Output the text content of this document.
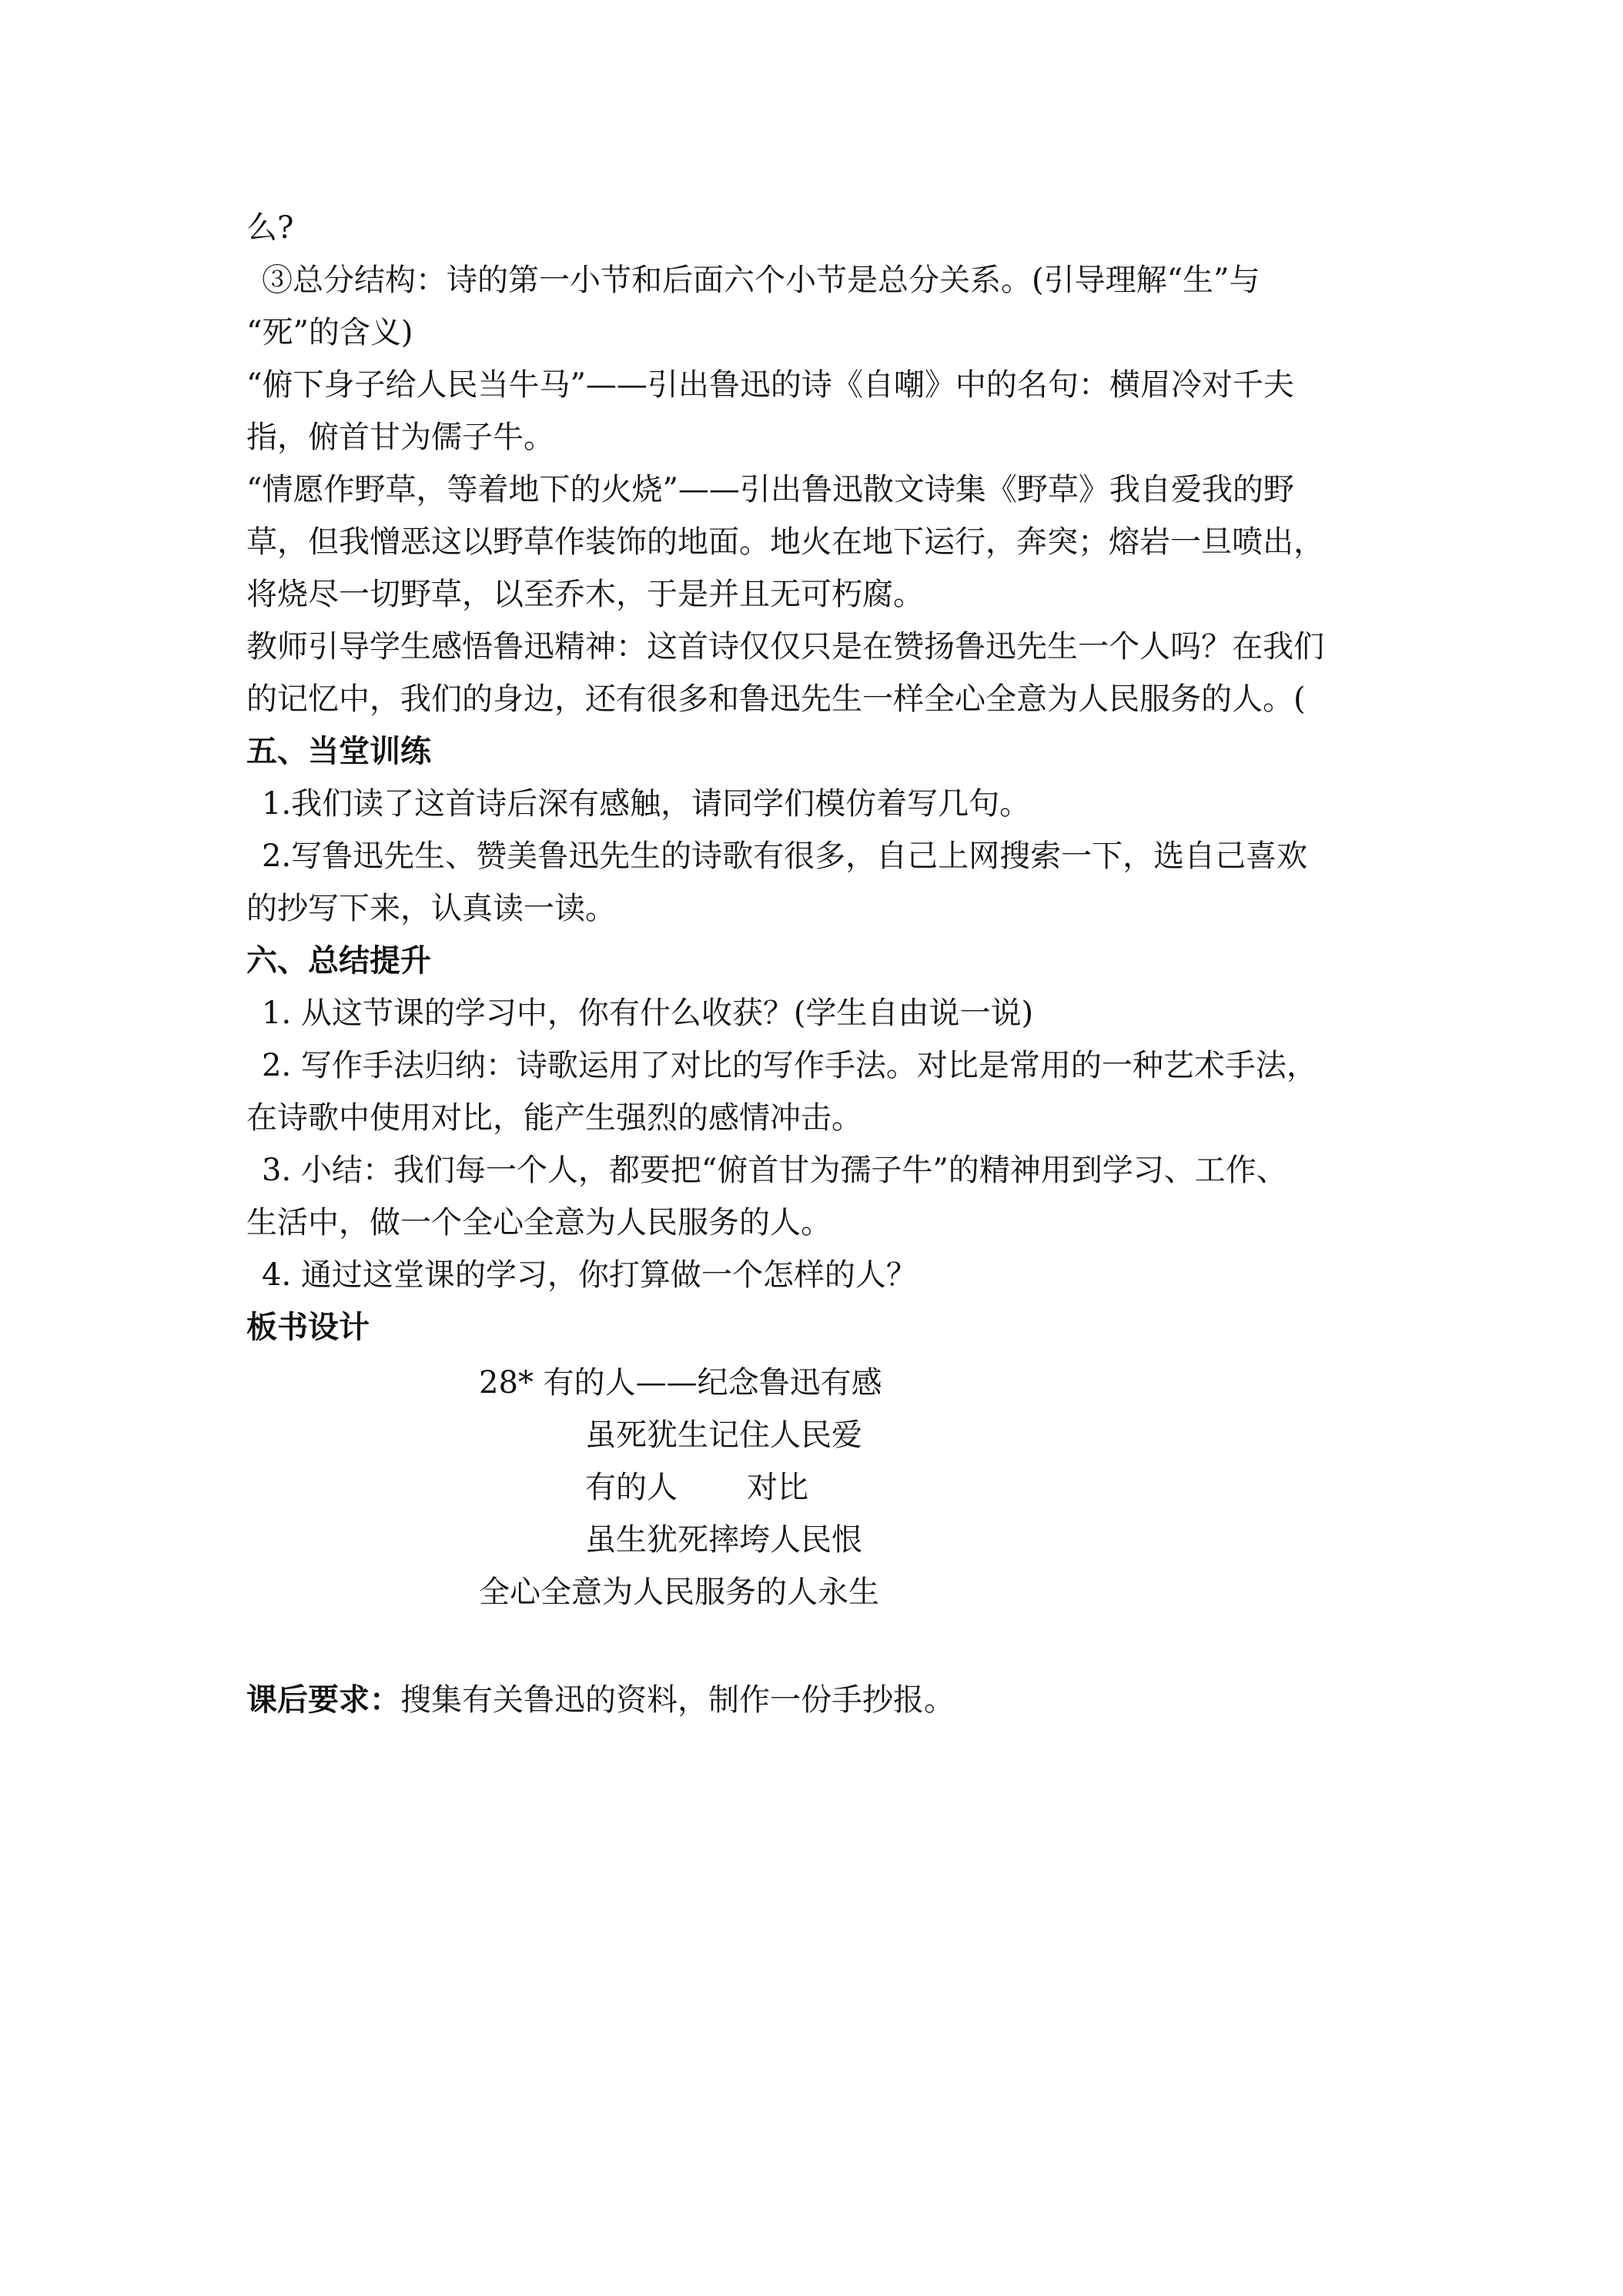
么?
③总分结构：诗的第一小节和后面六个小节是总分关系。(引导理解“生”与
“死”的含义)
“俯下身子给人民当牛马”——引出鲁迅的诗《自嘲》中的名句：横眉冷对千夫
指，俯首甘为儒子牛。
“情愿作野草，等着地下的火烧”——引出鲁迅散文诗集《野草》我自爱我的野
草，但我憎恶这以野草作装饰的地面。地火在地下运行，奔突；熔岩一旦喷出，
将烧尽一切野草，以至乔木，于是并且无可朽腐。
教师引导学生感悟鲁迅精神：这首诗仅仅只是在赞扬鲁迅先生一个人吗？在我们
的记忆中，我们的身边，还有很多和鲁迅先生一样全心全意为人民服务的人。(
五、当堂训练
1.我们读了这首诗后深有感触，请同学们模仿着写几句。
2.写鲁迅先生、赞美鲁迅先生的诗歌有很多，自己上网搜索一下，选自己喜欢
的抄写下来，认真读一读。
六、总结提升
1. 从这节课的学习中，你有什么收获？(学生自由说一说)
2. 写作手法归纳：诗歌运用了对比的写作手法。对比是常用的一种艺术手法，
在诗歌中使用对比，能产生强烈的感情冲击。
3. 小结：我们每一个人，都要把“俯首甘为孺子牛”的精神用到学习、工作、
生活中，做一个全心全意为人民服务的人。
4. 通过这堂课的学习，你打算做一个怎样的人？
板书设计
28* 有的人——纪念鲁迅有感
虽死犹生记住人民爱
有的人 对比
虽生犹死摔垮人民恨
全心全意为人民服务的人永生
课后要求：搜集有关鲁迅的资料，制作一份手抄报。
